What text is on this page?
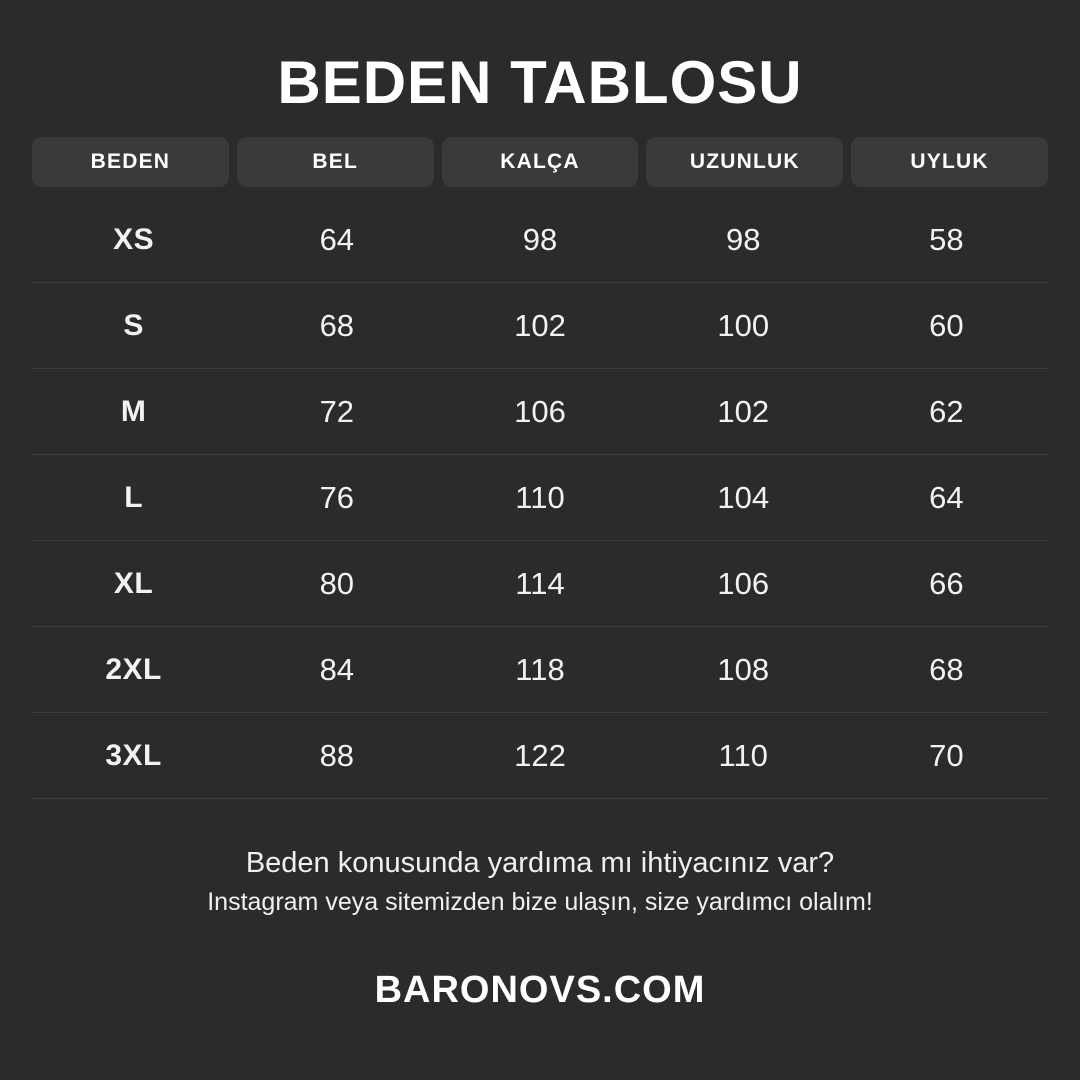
BEDEN TABLOSU
BEDEN	BEL	KALÇA	UZUNLUK	UYLUK
XS	64	98	98	58
S	68	102	100	60
M	72	106	102	62
L	76	110	104	64
XL	80	114	106	66
2XL	84	118	108	68
3XL	88	122	110	70
Beden konusunda yardıma mı ihtiyacınız var?
Instagram veya sitemizden bize ulaşın, size yardımcı olalım!
BARONOVS.COM
